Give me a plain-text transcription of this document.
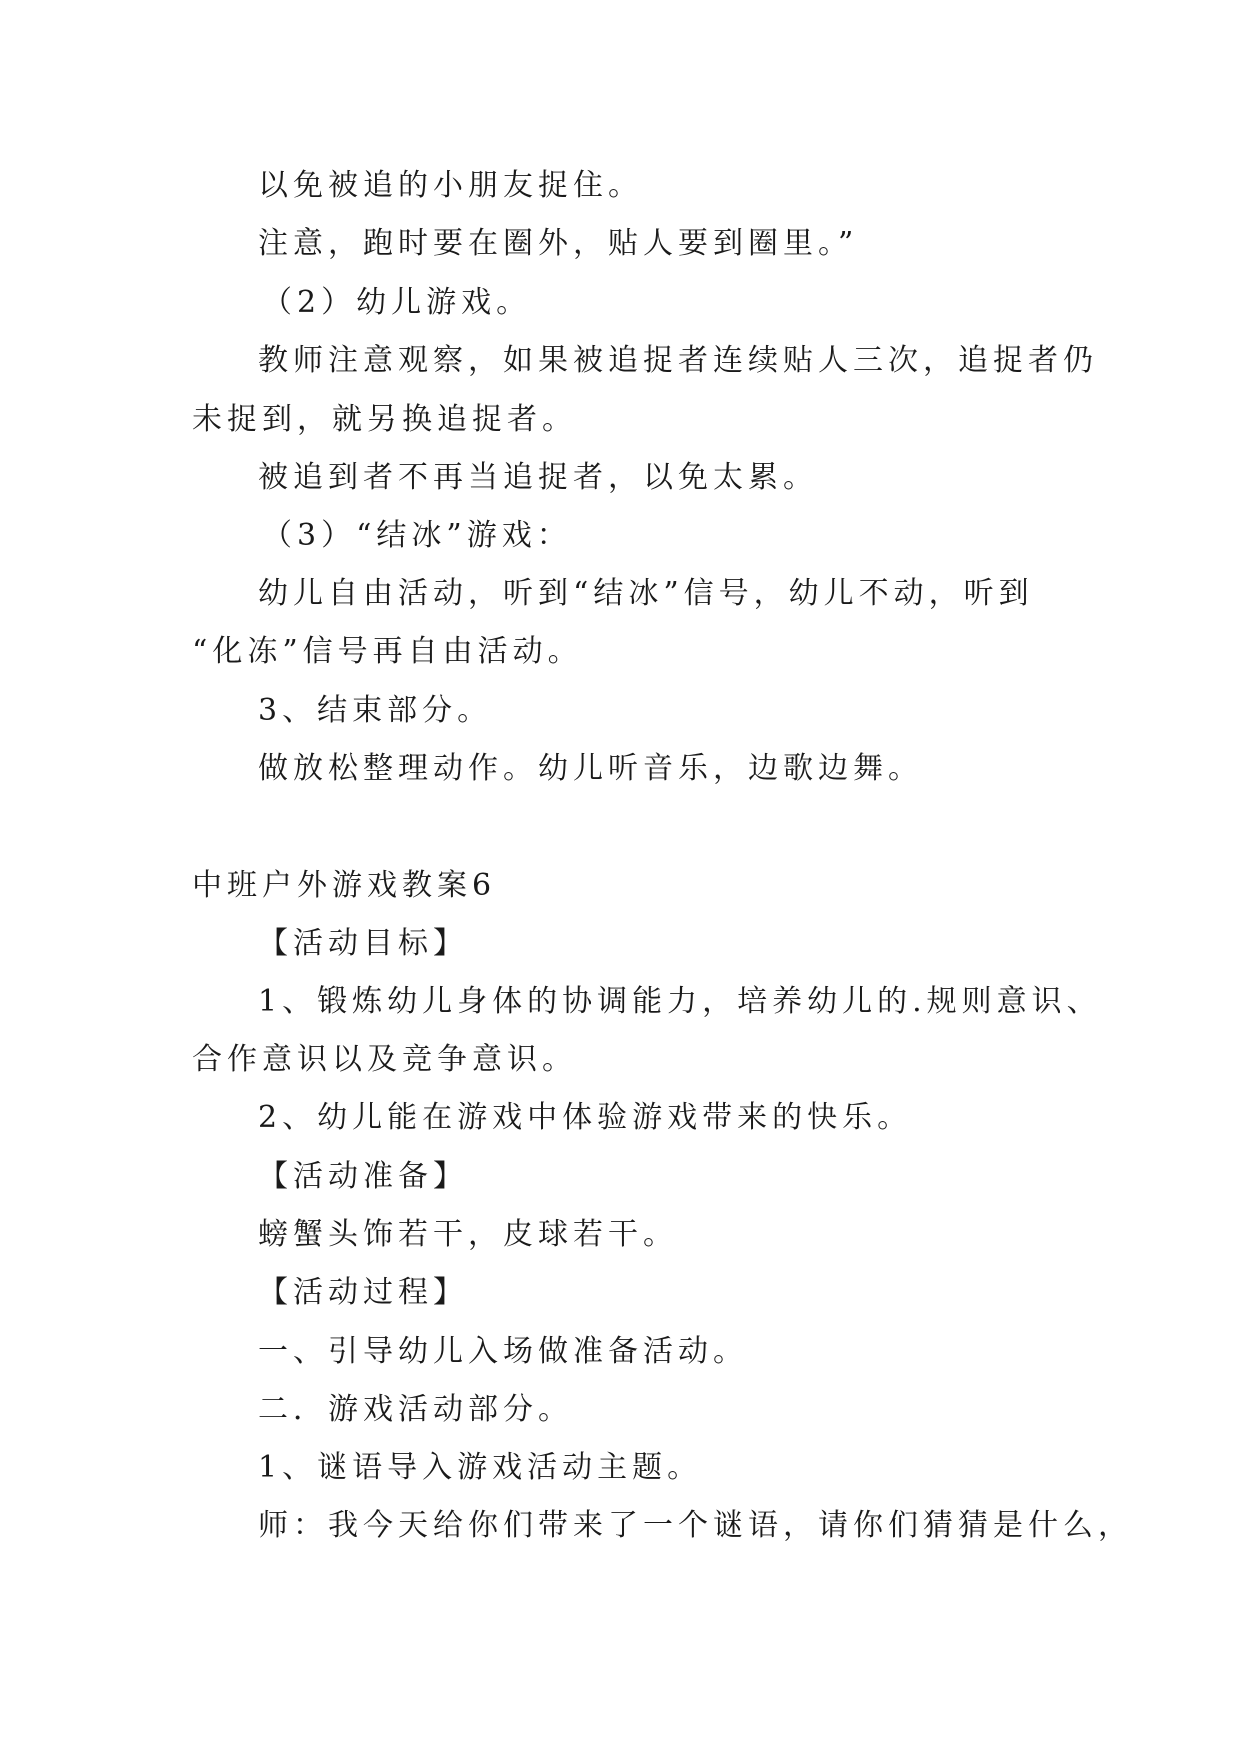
以免被追的小朋友捉住。
注意，跑时要在圈外，贴人要到圈里。”
（2）幼儿游戏。
教师注意观察，如果被追捉者连续贴人三次，追捉者仍
未捉到，就另换追捉者。
被追到者不再当追捉者，以免太累。
（3）“结冰”游戏：
幼儿自由活动，听到“结冰”信号，幼儿不动，听到
“化冻”信号再自由活动。
3、结束部分。
做放松整理动作。幼儿听音乐，边歌边舞。
中班户外游戏教案6
【活动目标】
1、锻炼幼儿身体的协调能力，培养幼儿的.规则意识、
合作意识以及竞争意识。
2、幼儿能在游戏中体验游戏带来的快乐。
【活动准备】
螃蟹头饰若干，皮球若干。
【活动过程】
一、引导幼儿入场做准备活动。
二．游戏活动部分。
1、谜语导入游戏活动主题。
师：我今天给你们带来了一个谜语，请你们猜猜是什么，
